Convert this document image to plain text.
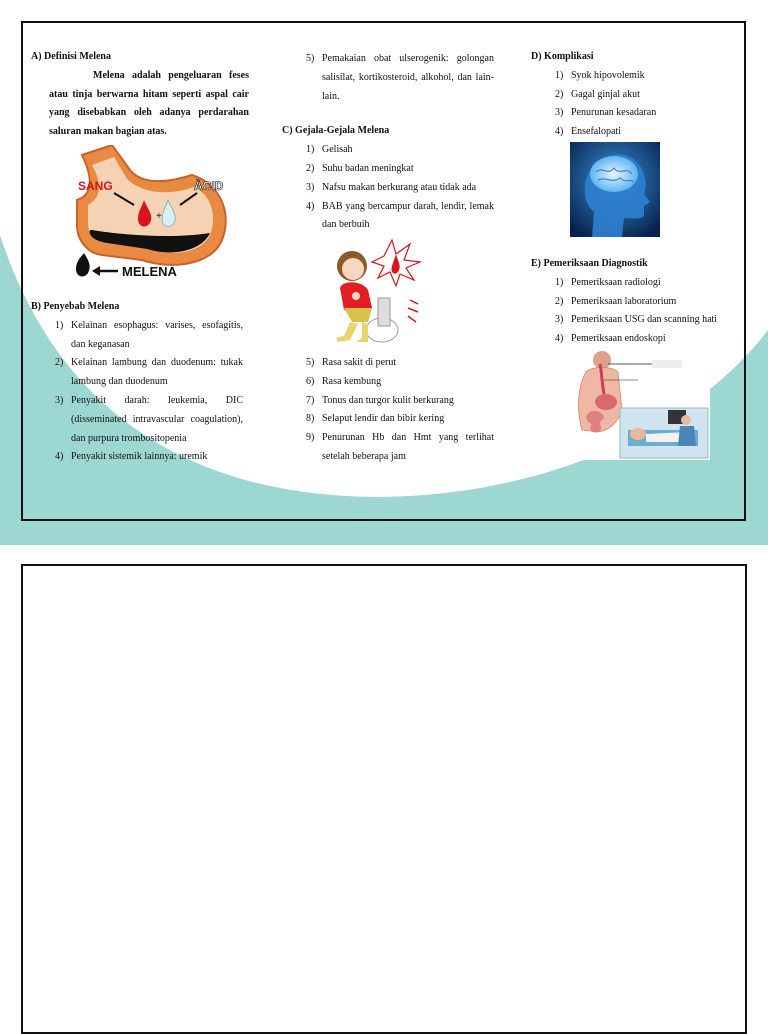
A) Definisi Melena
Melena adalah pengeluaran feses atau tinja berwarna hitam seperti aspal cair yang disebabkan oleh adanya perdarahan saluran makan bagian atas.
+
SANG	ÀCID
MELENA
B) Penyebab Melena
1) Kelainan esophagus: varises, esofagitis, dan keganasan
2) Kelainan lambung dan duodenum: tukak lambung dan duodenum
3) Penyakit darah: leukemia, DIC (disseminated intravascular coagulation), dan purpura trombositopenia
4) Penyakit sistemik lainnya: uremik
5) Pemakaian obat ulserogenik: golongan salisilat, kortikosteroid, alkohol, dan lain-lain.
C) Gejala-Gejala Melena
1) Gelisah
2) Suhu badan meningkat
3) Nafsu makan berkurang atau tidak ada
4) BAB yang bercampur darah, lendir, lemak dan berbuih
5) Rasa sakit di perut
6) Rasa kembung
7) Tonus dan turgor kulit berkurang
8) Selaput lendir dan bibir kering
9) Penurunan Hb dan Hmt yang terlihat setelah beberapa jam
D) Komplikasi
1) Syok hipovolemik
2) Gagal ginjal akut
3) Penurunan kesadaran
4) Ensefalopati
E) Pemeriksaan Diagnostik
1) Pemeriksaan radiologi
2) Pemeriksaan laboratorium
3) Pemeriksaan USG dan scanning hati
4) Pemeriksaan endoskopi
